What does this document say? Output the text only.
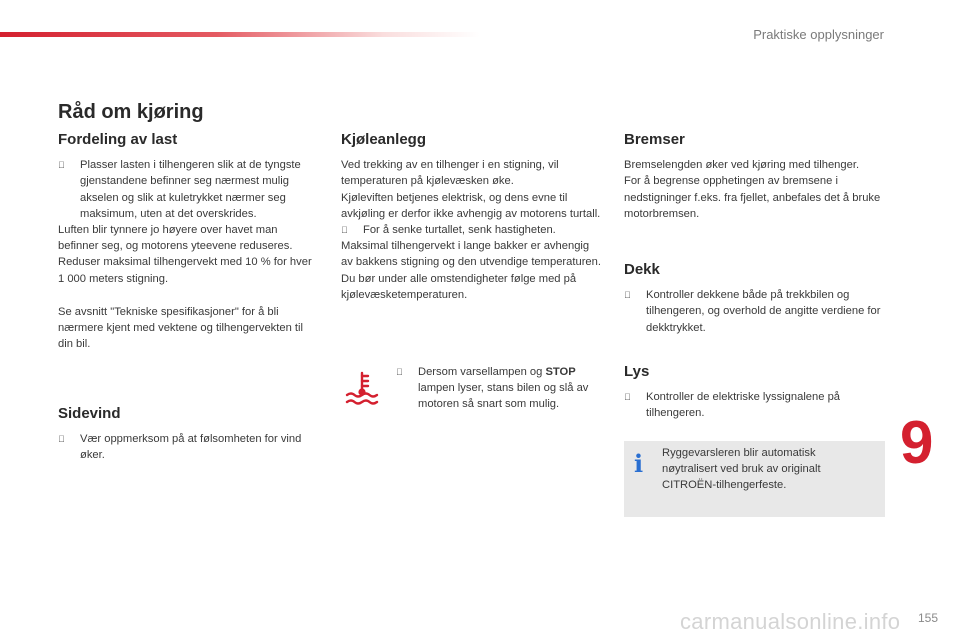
Praktiske opplysninger
Råd om kjøring
Fordeling av last
Plasser lasten i tilhengeren slik at de tyngste gjenstandene befinner seg nærmest mulig akselen og slik at kuletrykket nærmer seg maksimum, uten at det overskrides.

Luften blir tynnere jo høyere over havet man befinner seg, og motorens yteevene reduseres. Reduser maksimal tilhengervekt med 10 % for hver 1 000 meters stigning.

Se avsnitt "Tekniske spesifikasjoner" for å bli nærmere kjent med vektene og tilhengervekten til din bil.

Sidevind
Vær oppmerksom på at følsomheten for vind øker.
Kjøleanlegg

Ved trekking av en tilhenger i en stigning, vil temperaturen på kjølevæsken øke.

Kjøleviften betjenes elektrisk, og dens evne til avkjøling er derfor ikke avhengig av motorens turtall.

For å senke turtallet, senk hastigheten.

Maksimal tilhengervekt i lange bakker er avhengig av bakkens stigning og den utvendige temperaturen.

Du bør under alle omstendigheter følge med på kjølevæsketemperaturen.

Dersom varsellampen og STOP lampen lyser, stans bilen og slå av motoren så snart som mulig.
Bremser

Bremselengden øker ved kjøring med tilhenger.

For å begrense opphetingen av bremsene i nedstigninger f.eks. fra fjellet, anbefales det å bruke motorbremsen.

Dekk
Kontroller dekkene både på trekkbilen og tilhengeren, og overhold de angitte verdiene for dekktrykket.
Lys
Kontroller de elektriske lyssignalene på tilhengeren.
i Ryggevarsleren blir automatisk nøytralisert ved bruk av originalt CITROËN-tilhengerfeste.
9
carmanualsonline.info 155
